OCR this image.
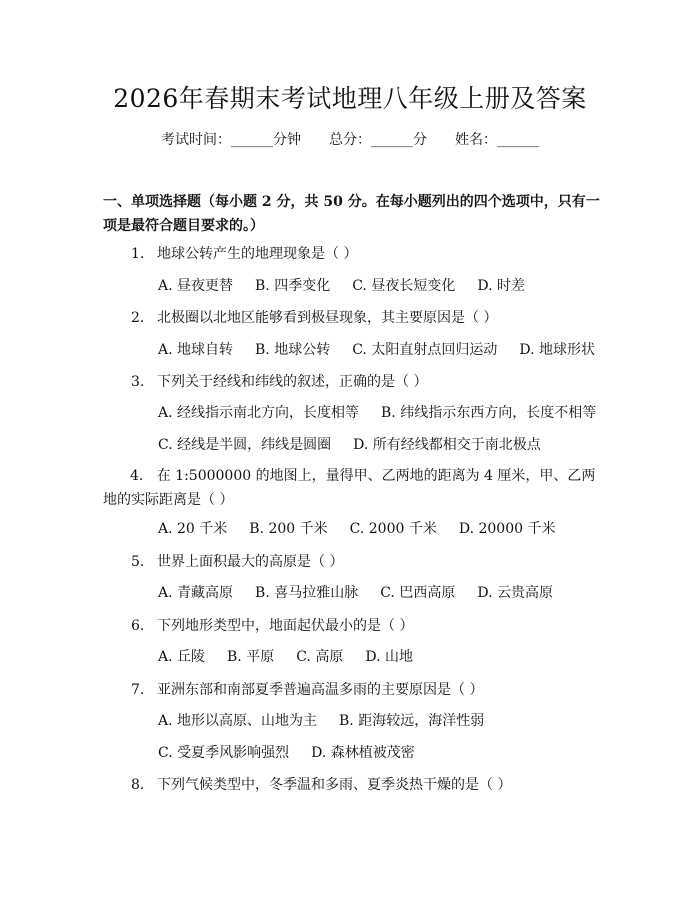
2026年春期末考试地理八年级上册及答案
考试时间：______分钟 总分：______分 姓名：______
一、单项选择题（每小题 2 分，共 50 分。在每小题列出的四个选项中，只有一项是最符合题目要求的。）
1. 地球公转产生的地理现象是（ ）
A. 昼夜更替 B. 四季变化 C. 昼夜长短变化 D. 时差
2. 北极圈以北地区能够看到极昼现象，其主要原因是（ ）
A. 地球自转 B. 地球公转 C. 太阳直射点回归运动 D. 地球形状
3. 下列关于经线和纬线的叙述，正确的是（ ）
A. 经线指示南北方向，长度相等 B. 纬线指示东西方向，长度不相等
C. 经线是半圆，纬线是圆圈 D. 所有经线都相交于南北极点
4. 在 1:5000000 的地图上，量得甲、乙两地的距离为 4 厘米，甲、乙两地的实际距离是（ ）
A. 20 千米 B. 200 千米 C. 2000 千米 D. 20000 千米
5. 世界上面积最大的高原是（ ）
A. 青藏高原 B. 喜马拉雅山脉 C. 巴西高原 D. 云贵高原
6. 下列地形类型中，地面起伏最小的是（ ）
A. 丘陵 B. 平原 C. 高原 D. 山地
7. 亚洲东部和南部夏季普遍高温多雨的主要原因是（ ）
A. 地形以高原、山地为主 B. 距海较远，海洋性弱
C. 受夏季风影响强烈 D. 森林植被茂密
8. 下列气候类型中，冬季温和多雨、夏季炎热干燥的是（ ）
